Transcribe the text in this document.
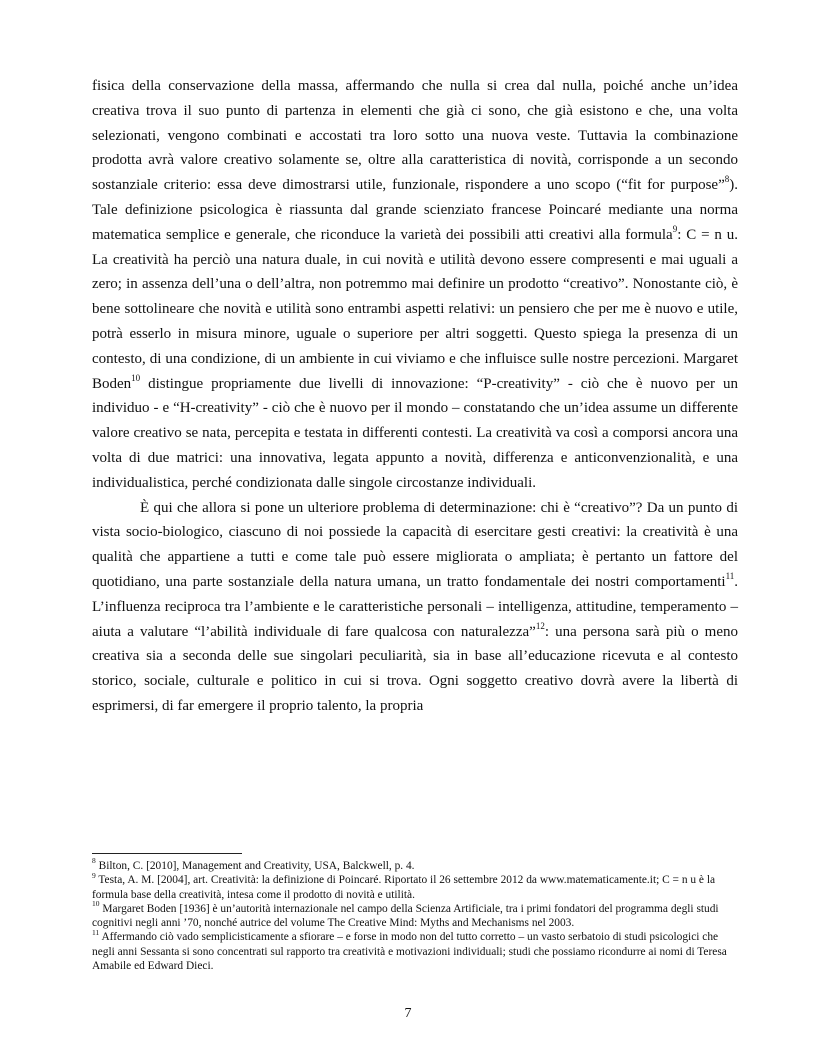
fisica della conservazione della massa, affermando che nulla si crea dal nulla, poiché anche un’idea creativa trova il suo punto di partenza in elementi che già ci sono, che già esistono e che, una volta selezionati, vengono combinati e accostati tra loro sotto una nuova veste. Tuttavia la combinazione prodotta avrà valore creativo solamente se, oltre alla caratteristica di novità, corrisponde a un secondo sostanziale criterio: essa deve dimostrarsi utile, funzionale, rispondere a uno scopo (“fit for purpose”$^8$). Tale definizione psicologica è riassunta dal grande scienziato francese Poincaré mediante una norma matematica semplice e generale, che riconduce la varietà dei possibili atti creativi alla formula$^9$: C = n u. La creatività ha perciò una natura duale, in cui novità e utilità devono essere compresenti e mai uguali a zero; in assenza dell’una o dell’altra, non potremmo mai definire un prodotto “creativo”. Nonostante ciò, è bene sottolineare che novità e utilità sono entrambi aspetti relativi: un pensiero che per me è nuovo e utile, potrà esserlo in misura minore, uguale o superiore per altri soggetti. Questo spiega la presenza di un contesto, di una condizione, di un ambiente in cui viviamo e che influisce sulle nostre percezioni. Margaret Boden$^{10}$ distingue propriamente due livelli di innovazione: “P-creativity” - ciò che è nuovo per un individuo - e “H-creativity” - ciò che è nuovo per il mondo – constatando che un’idea assume un differente valore creativo se nata, percepita e testata in differenti contesti. La creatività va così a comporsi ancora una volta di due matrici: una innovativa, legata appunto a novità, differenza e anticonvenzionalità, e una individualistica, perché condizionata dalle singole circostanze individuali.

È qui che allora si pone un ulteriore problema di determinazione: chi è “creativo”? Da un punto di vista socio-biologico, ciascuno di noi possiede la capacità di esercitare gesti creativi: la creatività è una qualità che appartiene a tutti e come tale può essere migliorata o ampliata; è pertanto un fattore del quotidiano, una parte sostanziale della natura umana, un tratto fondamentale dei nostri comportamenti$^{11}$. L’influenza reciproca tra l’ambiente e le caratteristiche personali – intelligenza, attitudine, temperamento – aiuta a valutare “l’abilità individuale di fare qualcosa con naturalezza”$^{12}$: una persona sarà più o meno creativa sia a seconda delle sue singolari peculiarità, sia in base all’educazione ricevuta e al contesto storico, sociale, culturale e politico in cui si trova. Ogni soggetto creativo dovrà avere la libertà di esprimersi, di far emergere il proprio talento, la propria

$^8$ Bilton, C. [2010], Management and Creativity, USA, Balckwell, p. 4.

$^9$ Testa, A. M. [2004], art. Creatività: la definizione di Poincaré. Riportato il 26 settembre 2012 da www.matematicamente.it; C = n u è la formula base della creatività, intesa come il prodotto di novità e utilità.

$^{10}$ Margaret Boden [1936] è un’autorità internazionale nel campo della Scienza Artificiale, tra i primi fondatori del programma degli studi cognitivi negli anni ’70, nonché autrice del volume The Creative Mind: Myths and Mechanisms nel 2003.

$^{11}$ Affermando ciò vado semplicisticamente a sfiorare – e forse in modo non del tutto corretto – un vasto serbatoio di studi psicologici che negli anni Sessanta si sono concentrati sul rapporto tra creatività e motivazioni individuali; studi che possiamo ricondurre ai nomi di Teresa Amabile ed Edward Dieci.

7
